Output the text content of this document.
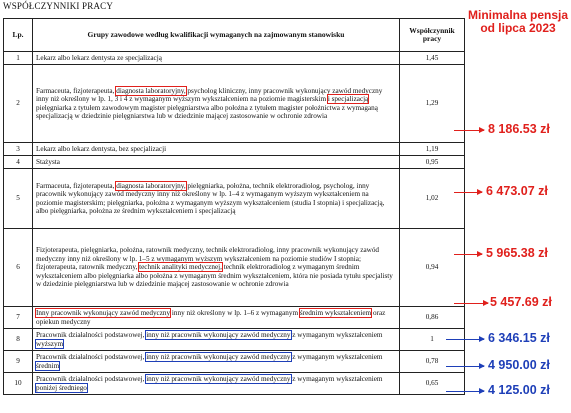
WSPÓŁCZYNNIKI PRACY
Lp.	Grupy zawodowe według kwalifikacji wymaganych na zajmowanym stanowisku	Współczynnik pracy
1	Lekarz albo lekarz dentysta ze specjalizacją	1,45
2	Farmaceuta, fizjoterapeuta, diagnosta laboratoryjny, psycholog kliniczny, inny pracownik wykonujący zawód medyczny inny niż określony w lp. 1, 3 i 4 z wymaganym wyższym wykształceniem na poziomie magisterskim i specjalizacją pielęgniarka z tytułem zawodowym magister pielęgniarstwa albo położna z tytułem magister położnictwa z wymaganą specjalizacją w dziedzinie pielęgniarstwa lub w dziedzinie mającej zastosowanie w ochronie zdrowia	1,29
3	Lekarz albo lekarz dentysta, bez specjalizacji	1,19
4	Stażysta	0,95
5	Farmaceuta, fizjoterapeuta, diagnosta laboratoryjny, pielęgniarka, położna, technik elektroradiolog, psycholog, inny pracownik wykonujący zawód medyczny inny niż określony w lp. 1–4 z wymaganym wyższym wykształceniem na poziomie magisterskim; pielęgniarka, położna z wymaganym wyższym wykształceniem (studia I stopnia) i specjalizacją, albo pielęgniarka, położna ze średnim wykształceniem i specjalizacją	1,02
6	Fizjoterapeuta, pielęgniarka, położna, ratownik medyczny, technik elektroradiolog, inny pracownik wykonujący zawód medyczny inny niż określony w lp. 1–5 z wymaganym wyższym wykształceniem na poziomie studiów I stopnia; fizjoterapeuta, ratownik medyczny, technik analityki medycznej, technik elektroradiolog z wymaganym średnim wykształceniem albo pielęgniarka albo położna z wymaganym średnim wykształceniem, która nie posiada tytułu specjalisty w dziedzinie pielęgniarstwa lub w dziedzinie mającej zastosowanie w ochronie zdrowia	0,94
7	Inny pracownik wykonujący zawód medyczny inny niż określony w lp. 1–6 z wymaganym średnim wykształceniem oraz opiekun medyczny	0,86
8	Pracownik działalności podstawowej, inny niż pracownik wykonujący zawód medyczny z wymaganym wykształceniem wyższym	1
9	Pracownik działalności podstawowej, inny niż pracownik wykonujący zawód medyczny z wymaganym wykształceniem średnim	0,78
10	Pracownik działalności podstawowej, inny niż pracownik wykonujący zawód medyczny z wymaganym wykształceniem poniżej średniego	0,65
Minimalna pensja od lipca 2023
8 186.53 zł
6 473.07 zł
5 965.38 zł
5 457.69 zł
6 346.15 zł
4 950.00 zł
4 125.00 zł
